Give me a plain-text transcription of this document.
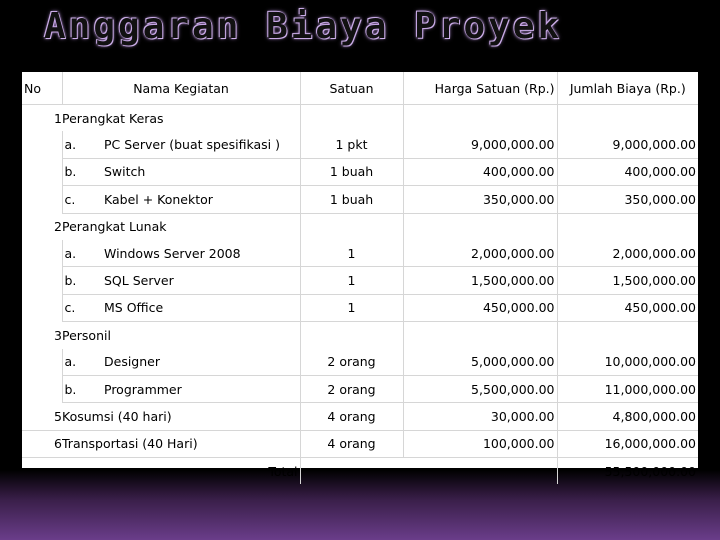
Anggaran Biaya Proyek
No	Nama Kegiatan		Satuan	Harga Satuan (Rp.)	Jumlah Biaya (Rp.)
1	Perangkat Keras				
	a.	PC Server (buat spesifikasi )	1 pkt	9,000,000.00	9,000,000.00
	b.	Switch	1 buah	400,000.00	400,000.00
	c.	Kabel + Konektor	1 buah	350,000.00	350,000.00
2	Perangkat Lunak				
	a.	Windows Server 2008	1	2,000,000.00	2,000,000.00
	b.	SQL Server	1	1,500,000.00	1,500,000.00
	c.	MS Office	1	450,000.00	450,000.00
3	Personil				
	a.	Designer	2 orang	5,000,000.00	10,000,000.00
	b.	Programmer	2 orang	5,500,000.00	11,000,000.00
5	Kosumsi (40 hari)		4 orang	30,000.00	4,800,000.00
6	Transportasi (40 Hari)		4 orang	100,000.00	16,000,000.00
Total					55,500,000.00
